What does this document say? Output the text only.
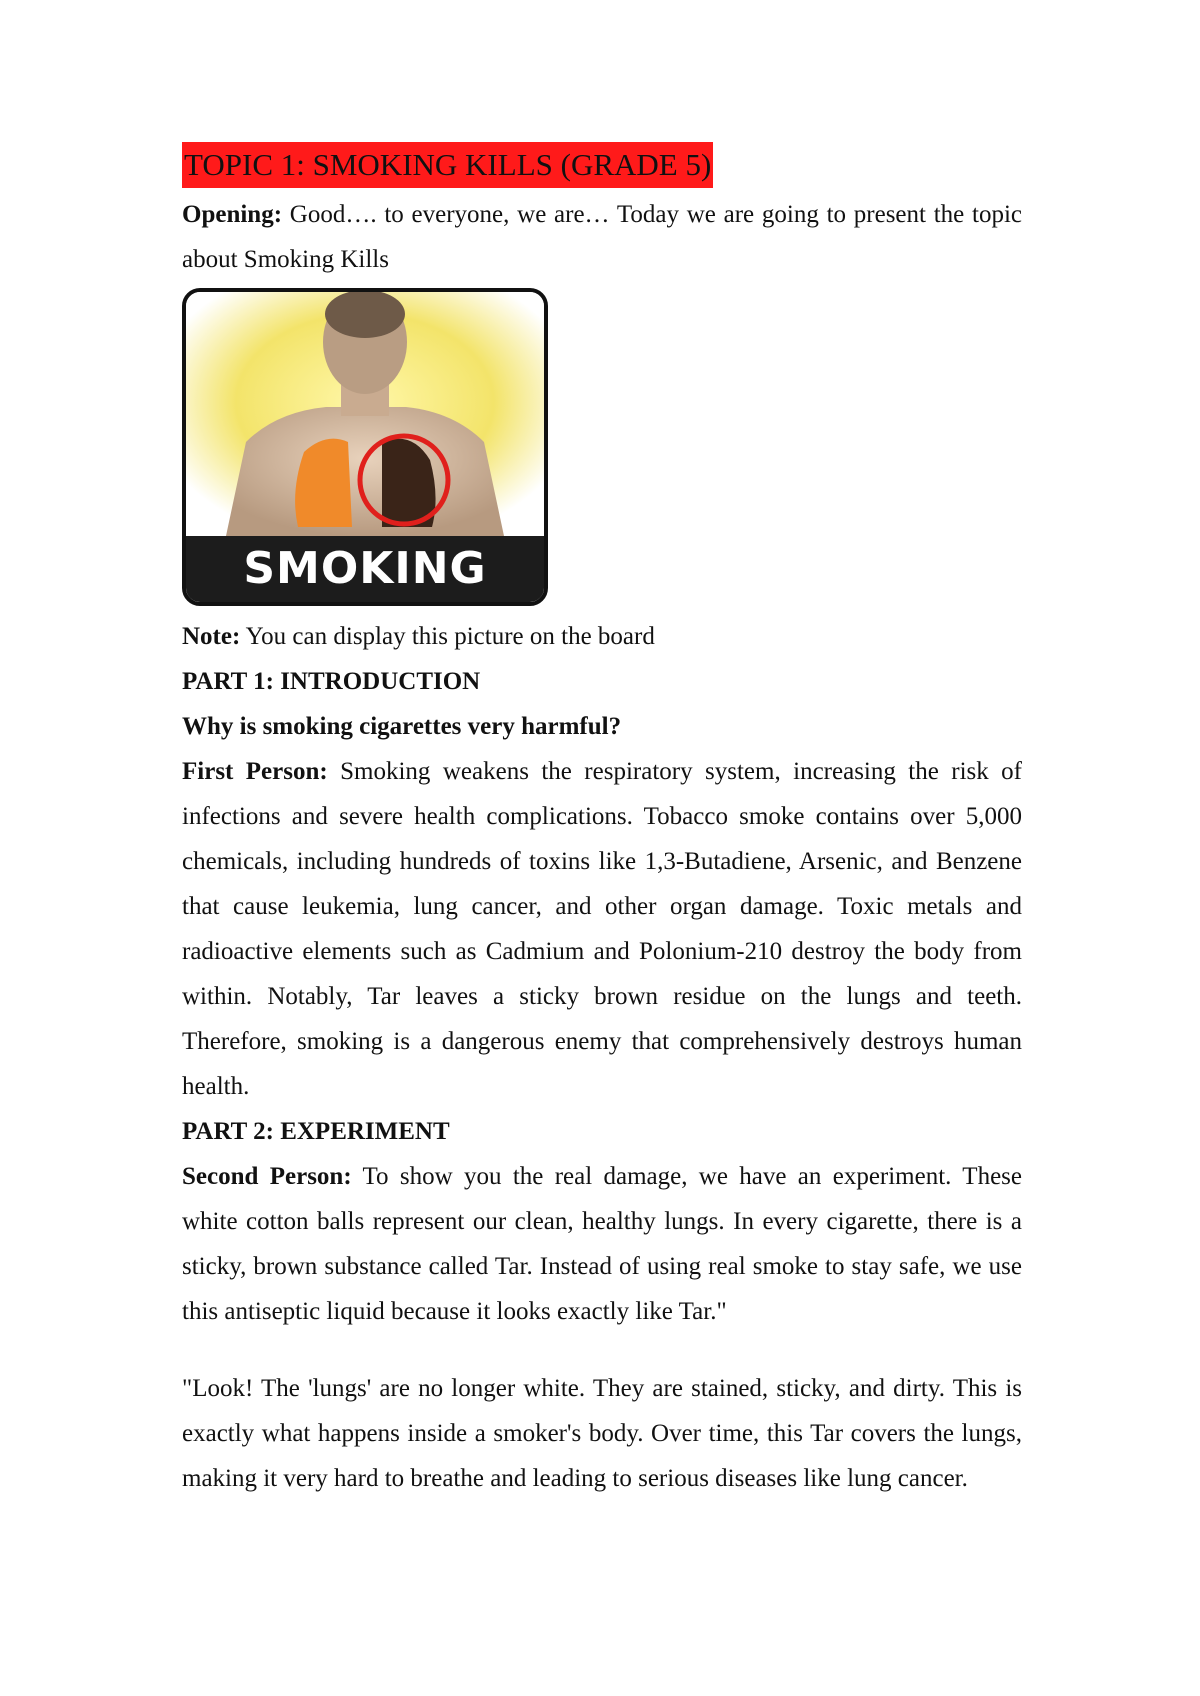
TOPIC 1: SMOKING KILLS (GRADE 5)

Opening: Good…. to everyone, we are… Today we are going to present the topic about Smoking Kills

SMOKING

Note: You can display this picture on the board

PART 1: INTRODUCTION

Why is smoking cigarettes very harmful?

First Person: Smoking weakens the respiratory system, increasing the risk of infections and severe health complications. Tobacco smoke contains over 5,000 chemicals, including hundreds of toxins like 1,3-Butadiene, Arsenic, and Benzene that cause leukemia, lung cancer, and other organ damage. Toxic metals and radioactive elements such as Cadmium and Polonium-210 destroy the body from within. Notably, Tar leaves a sticky brown residue on the lungs and teeth. Therefore, smoking is a dangerous enemy that comprehensively destroys human health.

PART 2: EXPERIMENT

Second Person: To show you the real damage, we have an experiment. These white cotton balls represent our clean, healthy lungs. In every cigarette, there is a sticky, brown substance called Tar. Instead of using real smoke to stay safe, we use this antiseptic liquid because it looks exactly like Tar."

"Look! The 'lungs' are no longer white. They are stained, sticky, and dirty. This is exactly what happens inside a smoker's body. Over time, this Tar covers the lungs, making it very hard to breathe and leading to serious diseases like lung cancer.
